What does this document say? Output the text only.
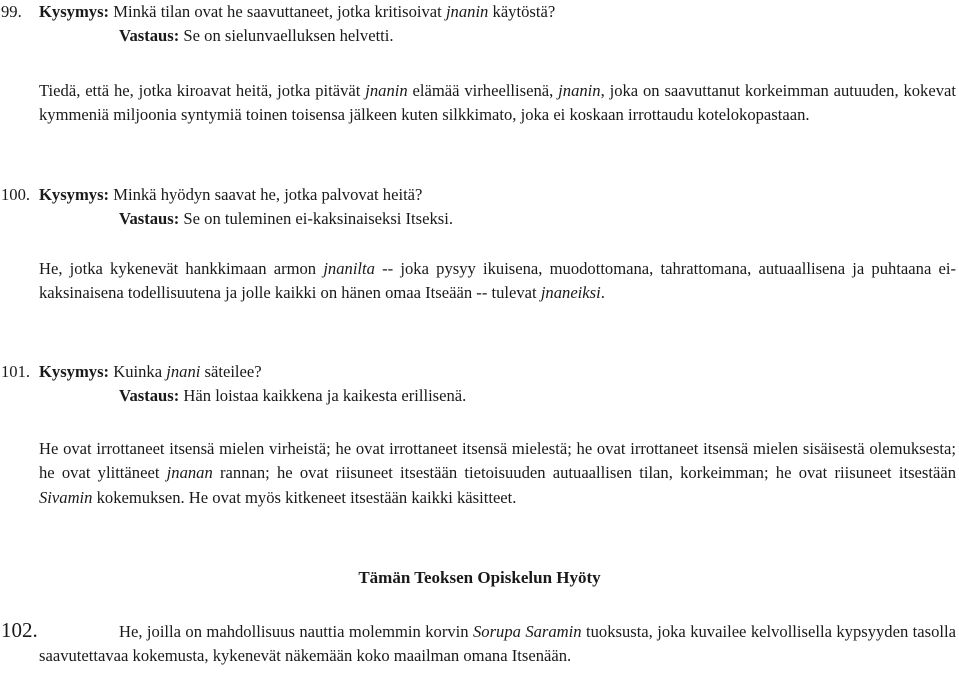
99. Kysymys: Minkä tilan ovat he saavuttaneet, jotka kritisoivat jnanin käytöstä?
Vastaus: Se on sielunvaelluksen helvetti.
Tiedä, että he, jotka kiroavat heitä, jotka pitävät jnanin elämää virheellisenä, jnanin, joka on saavuttanut korkeimman autuuden, kokevat kymmeniä miljoonia syntymiä toinen toisensa jälkeen kuten silkkimato, joka ei koskaan irrottaudu kotelokopastaan.
100. Kysymys: Minkä hyödyn saavat he, jotka palvovat heitä?
Vastaus: Se on tuleminen ei-kaksinaiseksi Itseksi.
He, jotka kykenevät hankkimaan armon jnanilta -- joka pysyy ikuisena, muodottomana, tahrattomana, autuaallisena ja puhtaana ei-kaksinaisena todellisuutena ja jolle kaikki on hänen omaa Itseään -- tulevat jnaneiksi.
101. Kysymys: Kuinka jnani säteilee?
Vastaus: Hän loistaa kaikkena ja kaikesta erillisenä.
He ovat irrottaneet itsensä mielen virheistä; he ovat irrottaneet itsensä mielestä; he ovat irrottaneet itsensä mielen sisäisestä olemuksesta; he ovat ylittäneet jnanan rannan; he ovat riisuneet itsestään tietoisuuden autuaallisen tilan, korkeimman; he ovat riisuneet itsestään Sivamin kokemuksen. He ovat myös kitkeneet itsestään kaikki käsitteet.
Tämän Teoksen Opiskelun Hyöty
102.	He, joilla on mahdollisuus nauttia molemmin korvin Sorupa Saramin tuoksusta, joka kuvailee kelvollisella kypsyyden tasolla saavutettavaa kokemusta, kykenevät näkemään koko maailman omana Itsenään.
